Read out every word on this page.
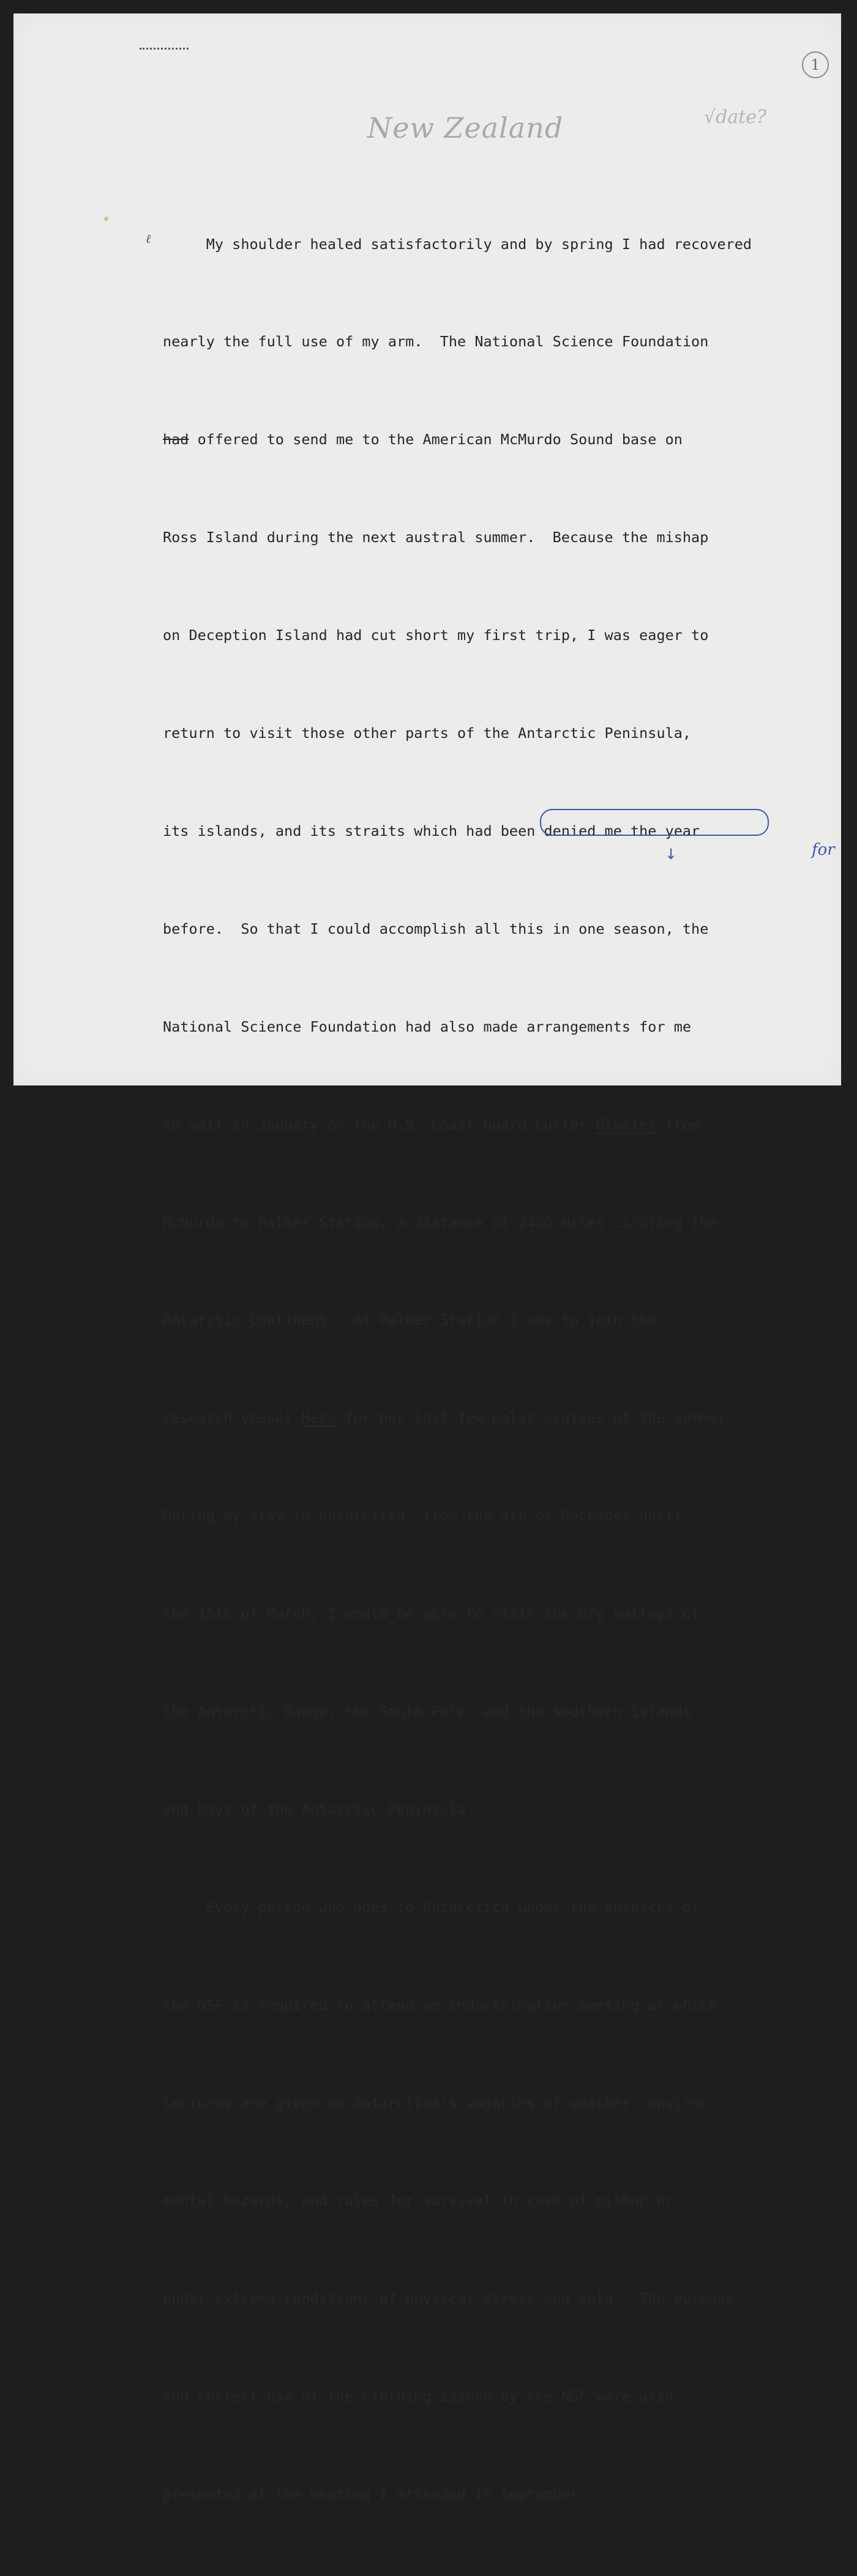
1
New Zealand	√date?
ℓ

My shoulder healed satisfactorily and by spring I had recovered

nearly the full use of my arm.  The National Science Foundation

had offered to send me to the American McMurdo Sound base on

Ross Island during the next austral summer.  Because the mishap

on Deception Island had cut short my first trip, I was eager to

return to visit those other parts of the Antarctic Peninsula,

its islands, and its straits which had been denied me the year

before.  So that I could accomplish all this in one season, the

National Science Foundation had also made arrangements for me

to sail in January on the U.S. Coast Guard Cutter Glacier from

McMurdo to Palmer Ststion, a distance of 2400 miles circling the

Antarctic Continent.  At Palmer Station I was to join the

research vessel Hero for her last few polar cruises of the summer.

During my stay in Antarctica, from the 5th of December until

the 15th of March, I would be able to visit the dry valleys of

the Antarctic Range, the South Pole, and the southern islands

and bays of the Antarctic Peninsula.

Every person who goes to Antarctica under the auspices of

the NSF is required to attend an indoctrination meeting at which

lectures are given on Antarctica's vagaries of weather, environ-

mental hazards, and rules for survival in case of mishap or

under extreme conditions of physical stress and cold.  The purpose

and correct use of the clothing issued by the NSF were also

presented at the meeting I attended in September.

↓	for
